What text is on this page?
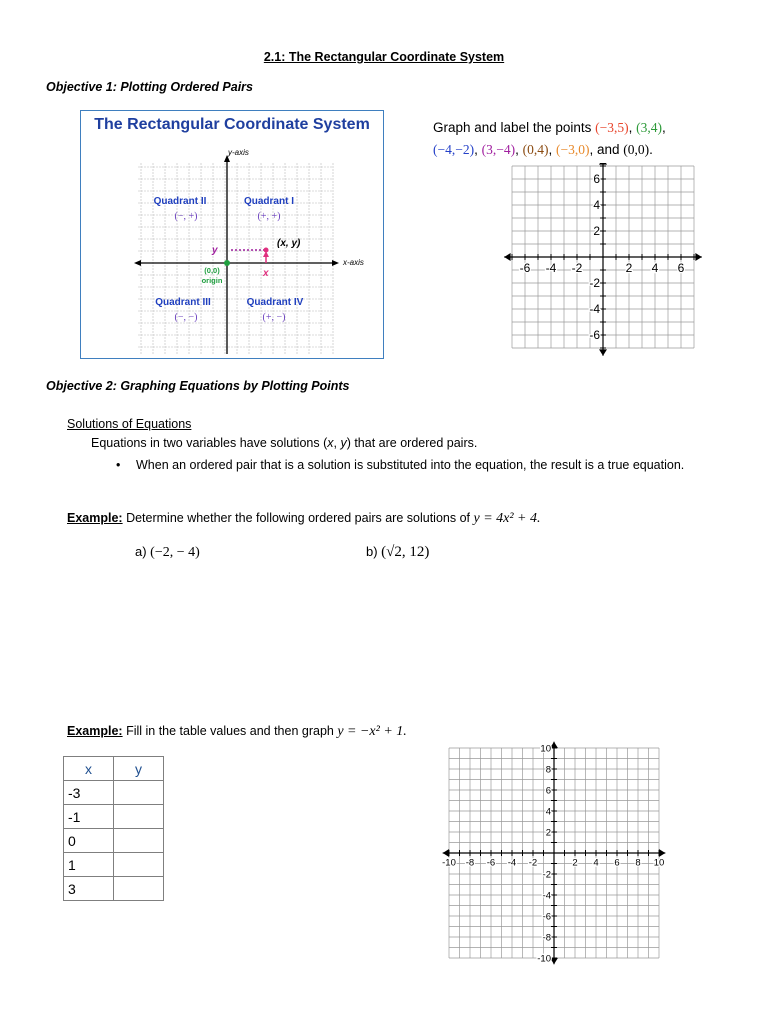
2.1: The Rectangular Coordinate System
Objective 1: Plotting Ordered Pairs
y-axis
x-axis
Quadrant II
(−, +)
Quadrant I
(+, +)
Quadrant III
(−, −)
Quadrant IV
(+, −)
(x, y)
x
y
(0,0)
origin
The Rectangular Coordinate System	Graph and label the points (−3,5), (3,4),
(−4,−2), (3,−4), (0,4), (−3,0), and (0,0).
-6 -4 -2	2 4 6
6
4
2
-2
-4
-6
Objective 2: Graphing Equations by Plotting Points
Solutions of Equations
Equations in two variables have solutions (x, y) that are ordered pairs.
• When an ordered pair that is a solution is substituted into the equation, the result is a true equation.
Example: Determine whether the following ordered pairs are solutions of y = 4x² + 4.
a) (−2, − 4)	b) (√2, 12)
Example: Fill in the table values and then graph y = −x² + 1.
x	y
-3	
-1	
0	
1	
3	
-10 -8 -6 -4 -2	2 4 6 8 10
10
8
6
4
2
-2
-4
-6
-8
-10
